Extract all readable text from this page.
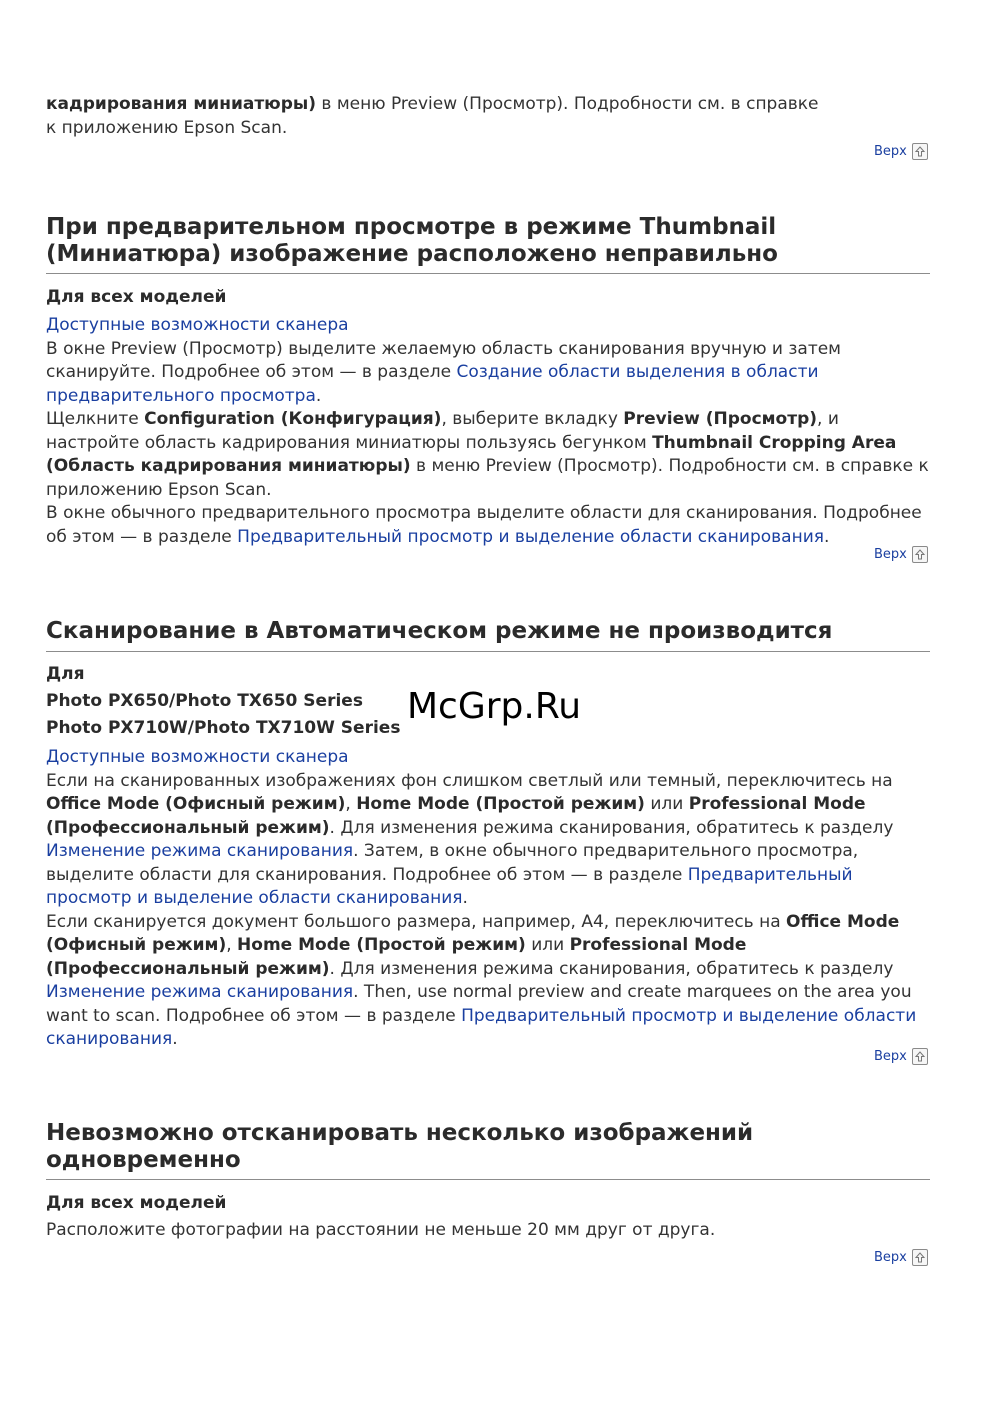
кадрирования миниатюры) в меню Preview (Просмотр). Подробности см. в справке
к приложению Epson Scan.

Верх
При предварительном просмотре в режиме Thumbnail (Миниатюра) изображение расположено неправильно

Для всех моделей

Доступные возможности сканера
В окне Preview (Просмотр) выделите желаемую область сканирования вручную и затем сканируйте. Подробнее об этом — в разделе Создание области выделения в области предварительного просмотра.
Щелкните Configuration (Конфигурация), выберите вкладку Preview (Просмотр), и настройте область кадрирования миниатюры пользуясь бегунком Thumbnail Cropping Area (Область кадрирования миниатюры) в меню Preview (Просмотр). Подробности см. в справке к приложению Epson Scan.
В окне обычного предварительного просмотра выделите области для сканирования. Подробнее об этом — в разделе Предварительный просмотр и выделение области сканирования.

Верх
Сканирование в Автоматическом режиме не производится

Для

Photo PX650/Photo TX650 Series

Photo PX710W/Photo TX710W Series

McGrp.Ru

Доступные возможности сканера
Если на сканированных изображениях фон слишком светлый или темный, переключитесь на Office Mode (Офисный режим), Home Mode (Простой режим) или Professional Mode (Профессиональный режим). Для изменения режима сканирования, обратитесь к разделу Изменение режима сканирования. Затем, в окне обычного предварительного просмотра, выделите области для сканирования. Подробнее об этом — в разделе Предварительный просмотр и выделение области сканирования.
Если сканируется документ большого размера, например, A4, переключитесь на Office Mode (Офисный режим), Home Mode (Простой режим) или Professional Mode (Профессиональный режим). Для изменения режима сканирования, обратитесь к разделу Изменение режима сканирования. Then, use normal preview and create marquees on the area you want to scan. Подробнее об этом — в разделе Предварительный просмотр и выделение области сканирования.

Верх
Невозможно отсканировать несколько изображений одновременно

Для всех моделей

Расположите фотографии на расстоянии не меньше 20 мм друг от друга.

Верх
